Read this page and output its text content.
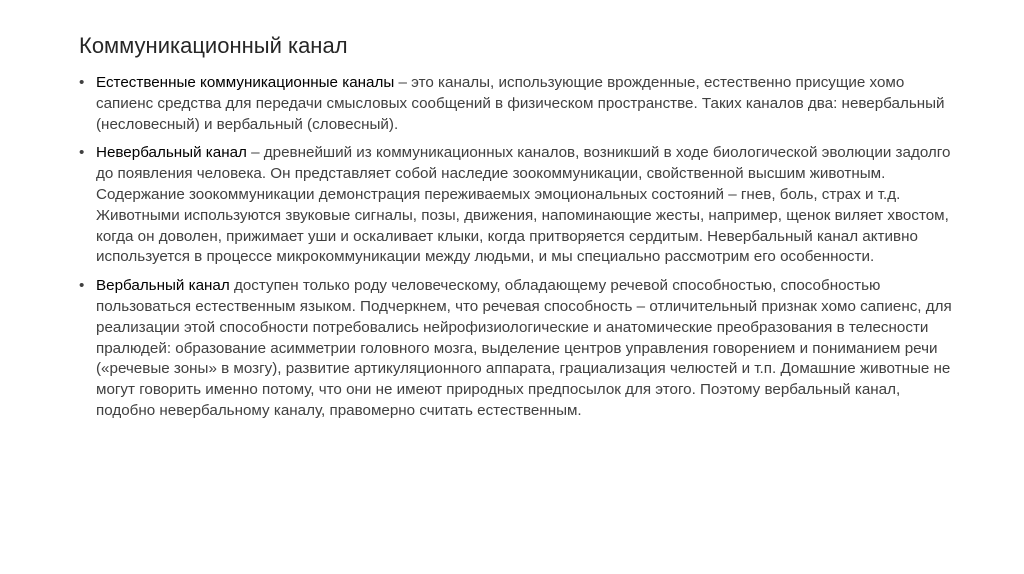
Коммуникационный канал
• Естественные коммуникационные каналы – это каналы, использующие врожденные, естественно присущие хомо сапиенс средства для передачи смысловых сообщений в физическом пространстве. Таких каналов два: невербальный (несловесный) и вербальный (словесный).
• Невербальный канал – древнейший из коммуникационных каналов, возникший в ходе биологической эволюции задолго до появления человека. Он представляет собой наследие зоокоммуникации, свойственной высшим животным. Содержание зоокоммуникации демонстрация переживаемых эмоциональных состояний – гнев, боль, страх и т.д. Животными используются звуковые сигналы, позы, движения, напоминающие жесты, например, щенок виляет хвостом, когда он доволен, прижимает уши и оскаливает клыки, когда притворяется сердитым. Невербальный канал активно используется в процессе микрокоммуникации между людьми, и мы специально рассмотрим его особенности.
• Вербальный канал доступен только роду человеческому, обладающему речевой способностью, способностью пользоваться естественным языком. Подчеркнем, что речевая способность – отличительный признак хомо сапиенс, для реализации этой способности потребовались нейрофизиологические и анатомические преобразования в телесности пралюдей: образование асимметрии головного мозга, выделение центров управления говорением и пониманием речи («речевые зоны» в мозгу), развитие артикуляционного аппарата, грациализация челюстей и т.п. Домашние животные не могут говорить именно потому, что они не имеют природных предпосылок для этого. Поэтому вербальный канал, подобно невербальному каналу, правомерно считать естественным.
